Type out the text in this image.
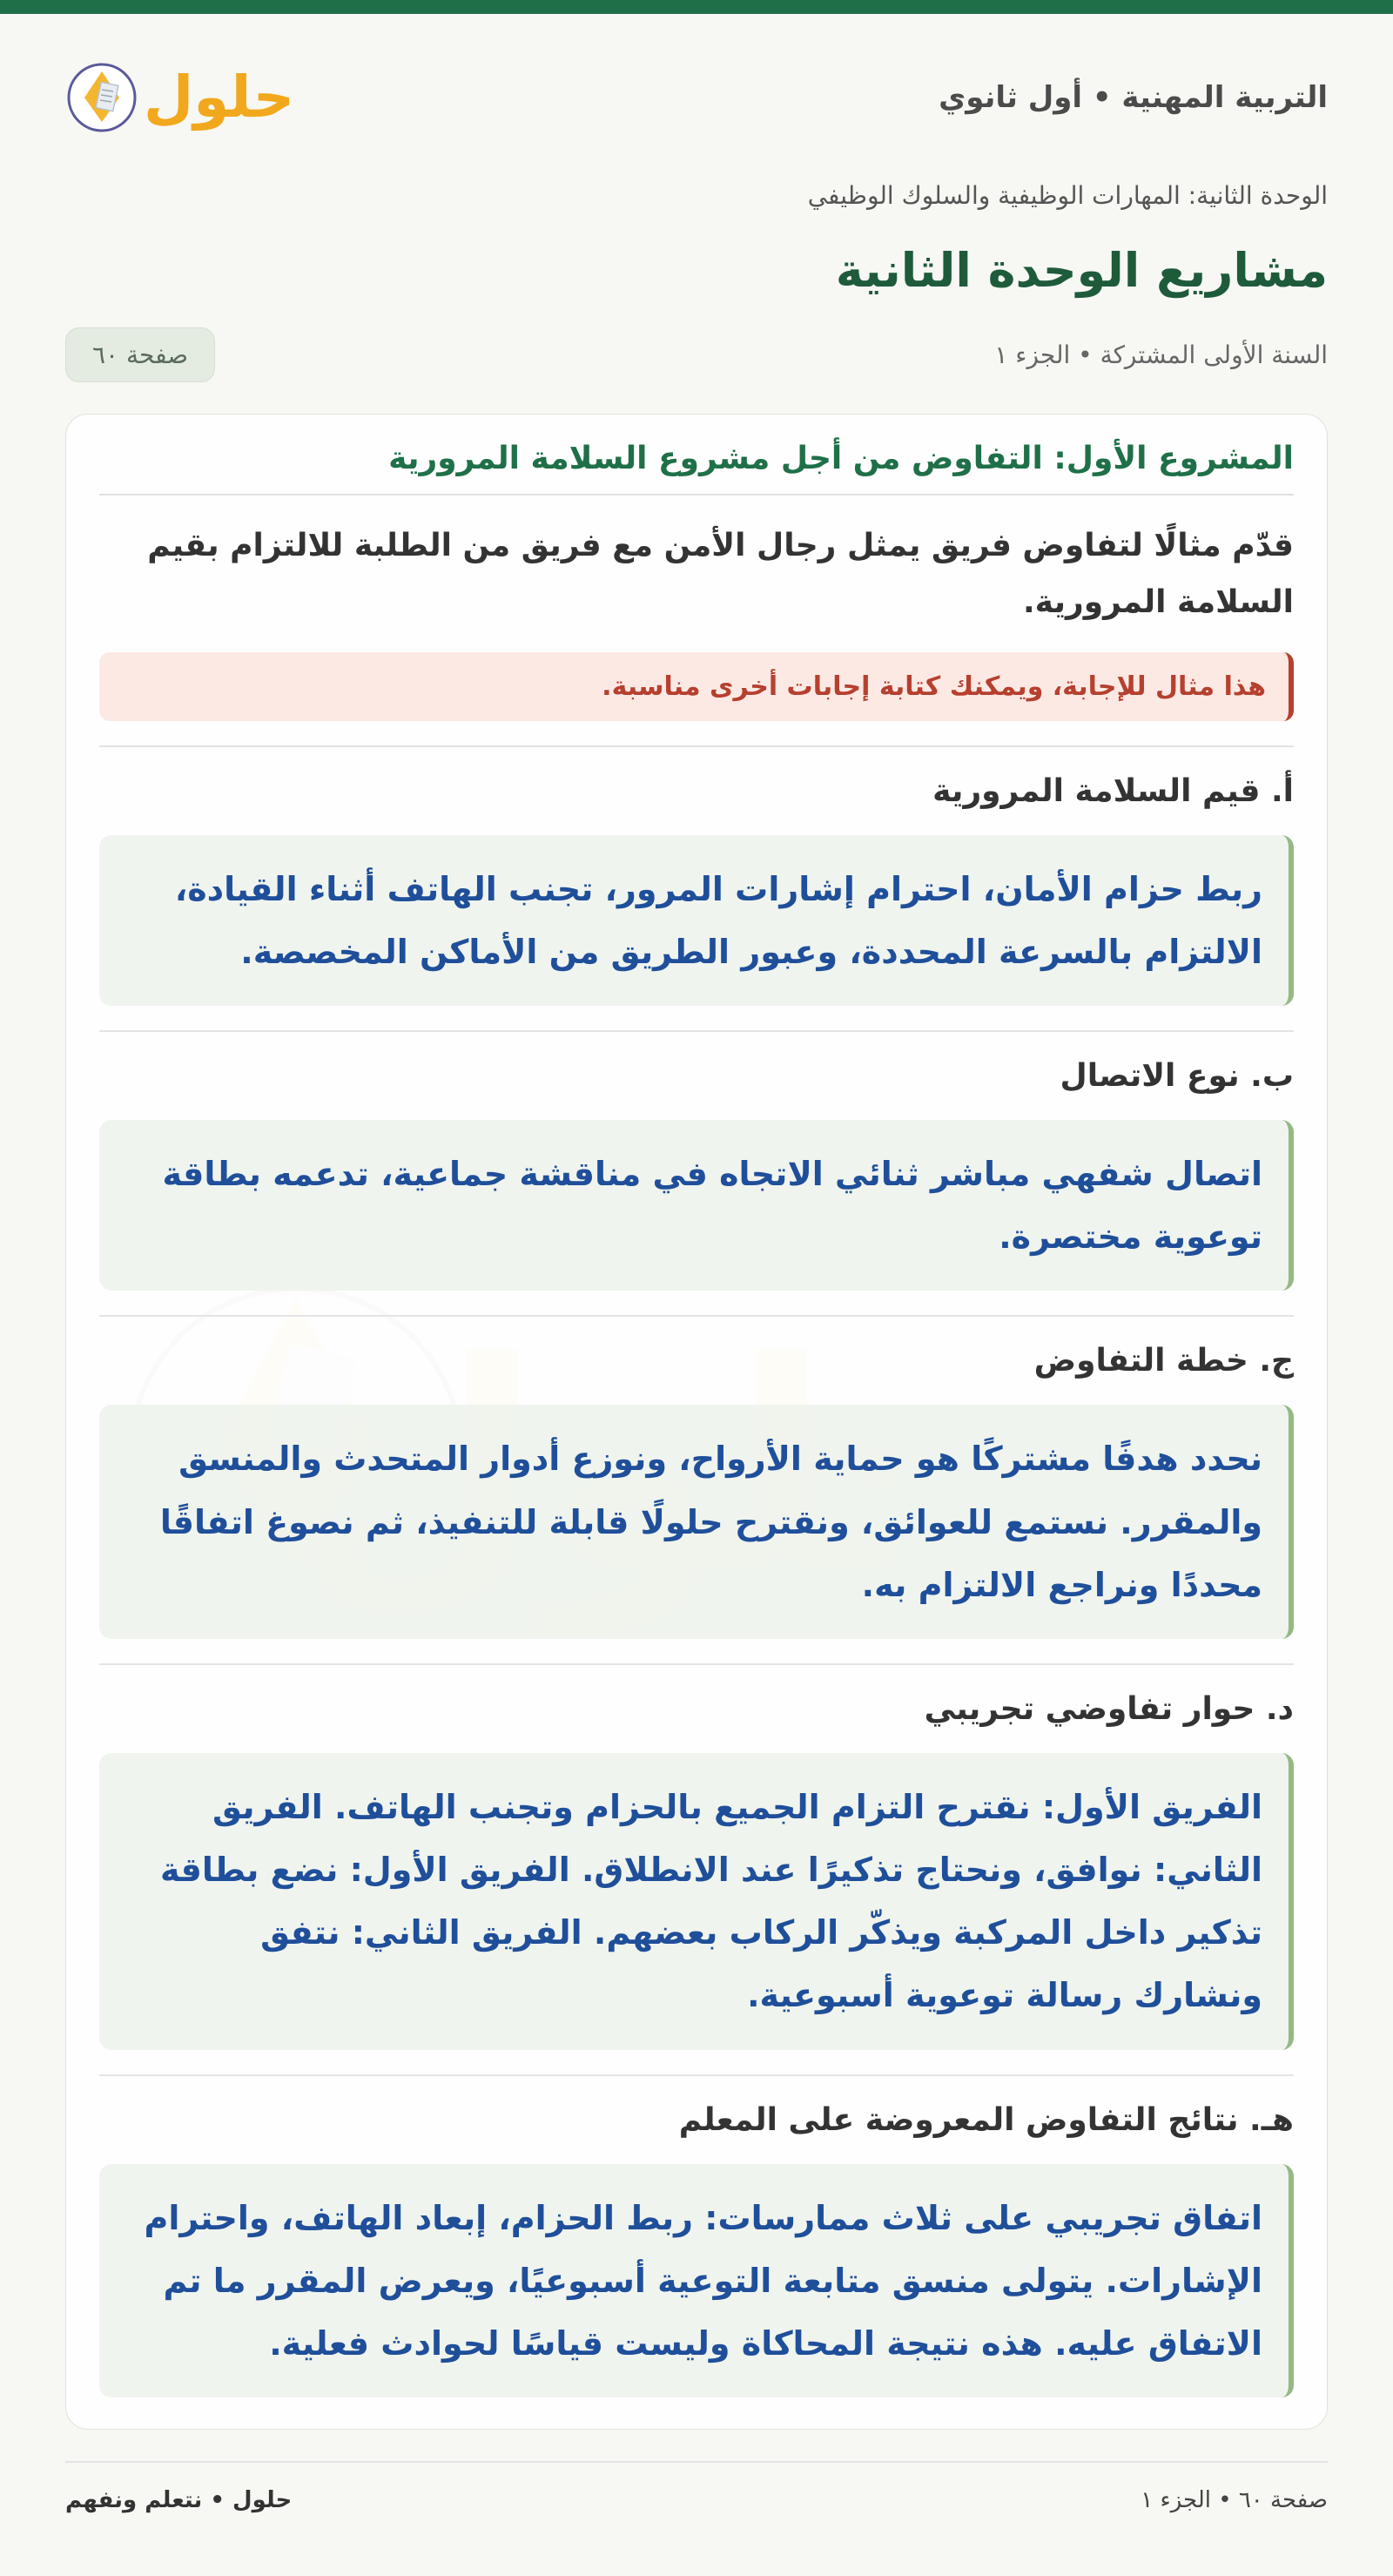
التربية المهنية • أول ثانوي
حلول
الوحدة الثانية: المهارات الوظيفية والسلوك الوظيفي
مشاريع الوحدة الثانية
السنة الأولى المشتركة • الجزء ١
صفحة ٦٠
المشروع الأول: التفاوض من أجل مشروع السلامة المرورية
قدّم مثالًا لتفاوض فريق يمثل رجال الأمن مع فريق من الطلبة للالتزام بقيم السلامة المرورية.
هذا مثال للإجابة، ويمكنك كتابة إجابات أخرى مناسبة.
أ. قيم السلامة المرورية
ربط حزام الأمان، احترام إشارات المرور، تجنب الهاتف أثناء القيادة، الالتزام بالسرعة المحددة، وعبور الطريق من الأماكن المخصصة.
ب. نوع الاتصال
اتصال شفهي مباشر ثنائي الاتجاه في مناقشة جماعية، تدعمه بطاقة توعوية مختصرة.
ج. خطة التفاوض
نحدد هدفًا مشتركًا هو حماية الأرواح، ونوزع أدوار المتحدث والمنسق والمقرر. نستمع للعوائق، ونقترح حلولًا قابلة للتنفيذ، ثم نصوغ اتفاقًا محددًا ونراجع الالتزام به.
د. حوار تفاوضي تجريبي
الفريق الأول: نقترح التزام الجميع بالحزام وتجنب الهاتف. الفريق الثاني: نوافق، ونحتاج تذكيرًا عند الانطلاق. الفريق الأول: نضع بطاقة تذكير داخل المركبة ويذكّر الركاب بعضهم. الفريق الثاني: نتفق ونشارك رسالة توعوية أسبوعية.
هـ. نتائج التفاوض المعروضة على المعلم
اتفاق تجريبي على ثلاث ممارسات: ربط الحزام، إبعاد الهاتف، واحترام الإشارات. يتولى منسق متابعة التوعية أسبوعيًا، ويعرض المقرر ما تم الاتفاق عليه. هذه نتيجة المحاكاة وليست قياسًا لحوادث فعلية.
صفحة ٦٠ • الجزء ١
حلول • نتعلم ونفهم
